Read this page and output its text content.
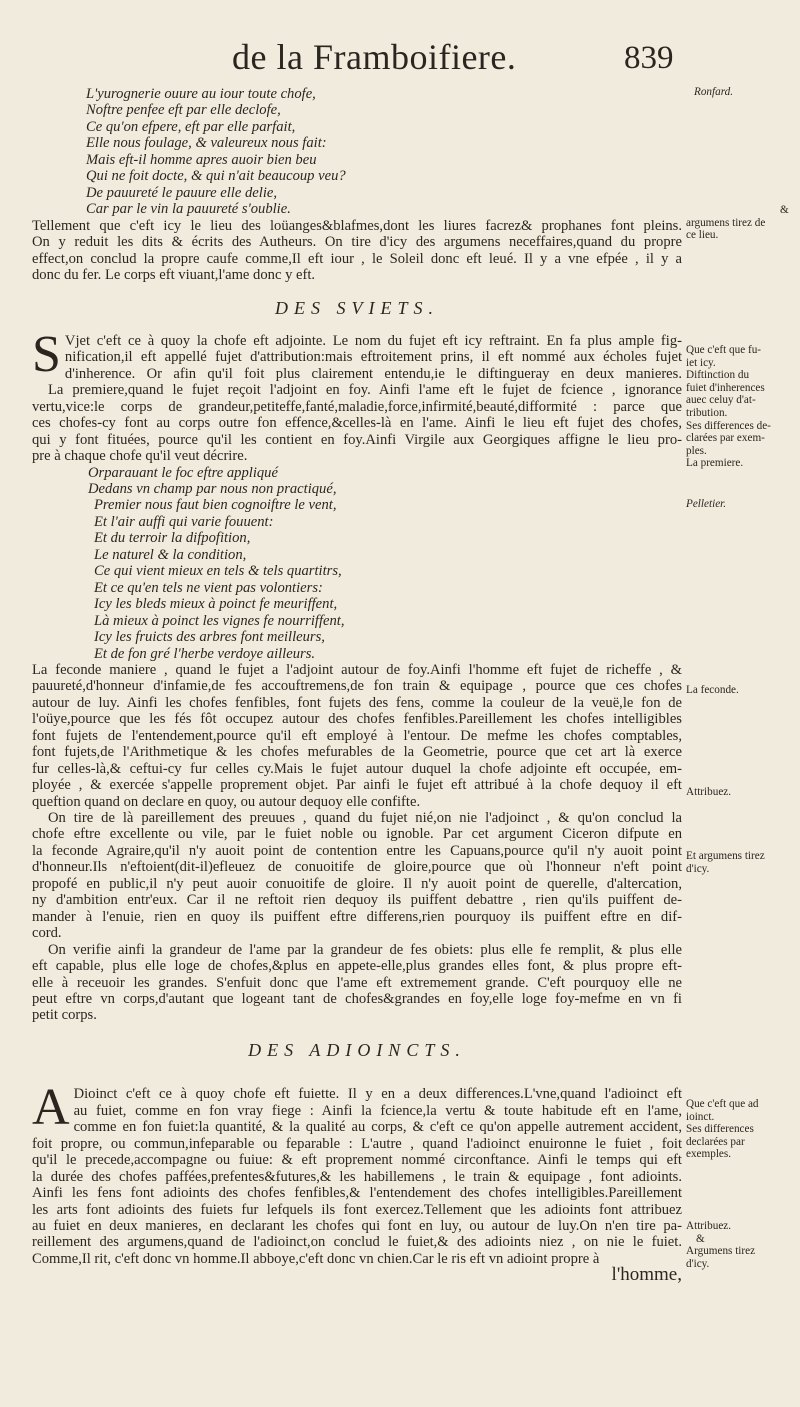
de la Framboifiere.	839
L'yurognerie ouure au iour toute chofe,
Noftre penfee eft par elle declofe,
Ce qu'on efpere, eft par elle parfait,
Elle nous foulage, & valeureux nous fait:
Mais eft-il homme apres auoir bien beu
Qui ne foit docte, & qui n'ait beaucoup veu?
De pauureté le pauure elle delie,
Car par le vin la pauureté s'oublie.
Tellement que c'eft icy le lieu des loüanges&blafmes,dont les liures facrez& prophanes font pleins.
On y reduit les dits & écrits des Autheurs. On tire d'icy des argumens neceffaires,quand du propre
effect,on conclud la propre caufe comme,Il eft iour , le Soleil donc eft leué. Il y a vne efpée , il y a
donc du fer. Le corps eft viuant,l'ame donc y eft.
DES SVIETS.
S Vjet c'eft ce à quoy la chofe eft adjointe. Le nom du fujet eft icy reftraint. En fa plus ample fig-
nification,il eft appellé fujet d'attribution:mais eftroitement prins, il eft nommé aux écholes fujet
d'inherence. Or afin qu'il foit plus clairement entendu,ie le diftingueray en deux manieres.
La premiere,quand le fujet reçoit l'adjoint en foy. Ainfi l'ame eft le fujet de fcience , ignorance
vertu,vice:le corps de grandeur,petiteffe,fanté,maladie,force,infirmité,beauté,difformité : parce que
ces chofes-cy font au corps outre fon effence,&celles-là en l'ame. Ainfi le lieu eft fujet des chofes,
qui y font fituées, pource qu'il les contient en foy.Ainfi Virgile aux Georgiques affigne le lieu pro-
pre à chaque chofe qu'il veut décrire.
Orparauant le foc eftre appliqué
Dedans vn champ par nous non practiqué,
Premier nous faut bien cognoiftre le vent,
Et l'air auffi qui varie fouuent:
Et du terroir la difpofition,
Le naturel & la condition,
Ce qui vient mieux en tels & tels quartitrs,
Et ce qu'en tels ne vient pas volontiers:
Icy les bleds mieux à poinct fe meuriffent,
Là mieux à poinct les vignes fe nourriffent,
Icy les fruicts des arbres font meilleurs,
Et de fon gré l'herbe verdoye ailleurs.
La feconde maniere , quand le fujet a l'adjoint autour de foy.Ainfi l'homme eft fujet de richeffe , &
pauureté,d'honneur d'infamie,de fes accouftremens,de fon train & equipage , pource que ces chofes
autour de luy. Ainfi les chofes fenfibles, font fujets des fens, comme la couleur de la veuë,le fon de
l'oüye,pource que les fés fôt occupez autour des chofes fenfibles.Pareillement les chofes intelligibles
font fujets de l'entendement,pource qu'il eft employé à l'entour. De mefme les chofes comptables,
font fujets,de l'Arithmetique & les chofes mefurables de la Geometrie, pource que cet art là exerce
fur celles-là,& ceftui-cy fur celles cy.Mais le fujet autour duquel la chofe adjointe eft occupée, em-
ployée , & exercée s'appelle proprement objet. Par ainfi le fujet eft attribué à la chofe dequoy il eft
queftion quand on declare en quoy, ou autour dequoy elle confifte.
On tire de là pareillement des preuues , quand du fujet nié,on nie l'adjoinct , & qu'on conclud la
chofe eftre excellente ou vile, par le fuiet noble ou ignoble. Par cet argument Ciceron difpute en
la feconde Agraire,qu'il n'y auoit point de contention entre les Capuans,pource qu'il n'y auoit point
d'honneur.Ils n'eftoient(dit-il)efleuez de conuoitife de gloire,pource que où l'honneur n'eft point
propofé en public,il n'y peut auoir conuoitife de gloire. Il n'y auoit point de querelle, d'altercation,
ny d'ambition entr'eux. Car il ne reftoit rien dequoy ils puiffent debattre , rien qu'ils puiffent de-
mander à l'enuie, rien en quoy ils puiffent eftre differens,rien pourquoy ils puiffent eftre en dif-
cord.
On verifie ainfi la grandeur de l'ame par la grandeur de fes obiets: plus elle fe remplit, & plus elle
eft capable, plus elle loge de chofes,&plus en appete-elle,plus grandes elles font, & plus propre eft-
elle à receuoir les grandes. S'enfuit donc que l'ame eft extremement grande. C'eft pourquoy elle ne
peut eftre vn corps,d'autant que logeant tant de chofes&grandes en foy,elle loge foy-mefme en vn fi
petit corps.
DES ADIOINCTS.
A Dioinct c'eft ce à quoy chofe eft fuiette. Il y en a deux differences.L'vne,quand l'adioinct eft
au fuiet, comme en fon vray fiege : Ainfi la fcience,la vertu & toute habitude eft en l'ame,
comme en fon fuiet:la quantité, & la qualité au corps, & c'eft ce qu'on appelle autrement accident,
foit propre, ou commun,infeparable ou feparable : L'autre , quand l'adioinct enuironne le fuiet , foit
qu'il le precede,accompagne ou fuiue: & eft proprement nommé circonftance. Ainfi le temps qui eft
la durée des chofes paffées,prefentes&futures,& les habillemens , le train & equipage , font adioints.
Ainfi les fens font adioints des chofes fenfibles,& l'entendement des chofes intelligibles.Pareillement
les arts font adioints des fuiets fur lefquels ils font exercez.Tellement que les adioints font attribuez
au fuiet en deux manieres, en declarant les chofes qui font en luy, ou autour de luy.On n'en tire pa-
reillement des argumens,quand de l'adioinct,on conclud le fuiet,& des adioints niez , on nie le fuiet.
Comme,Il rit, c'eft donc vn homme.Il abboye,c'eft donc vn chien.Car le ris eft vn adioint propre à
l'homme,
Ronfard.
&
argumens tirez de
ce lieu.
Que c'eft que fu-
iet icy.
Diftinction du
fuiet d'inherences
auec celuy d'at-
tribution.
Ses differences de-
clarées par exem-
ples.
La premiere.
Pelletier.
La feconde.
Attribuez.
Et argumens tirez
d'icy.
Que c'eft que ad
ioinct.
Ses differences
declarées par
exemples.
Attribuez.
&
Argumens tirez
d'icy.
